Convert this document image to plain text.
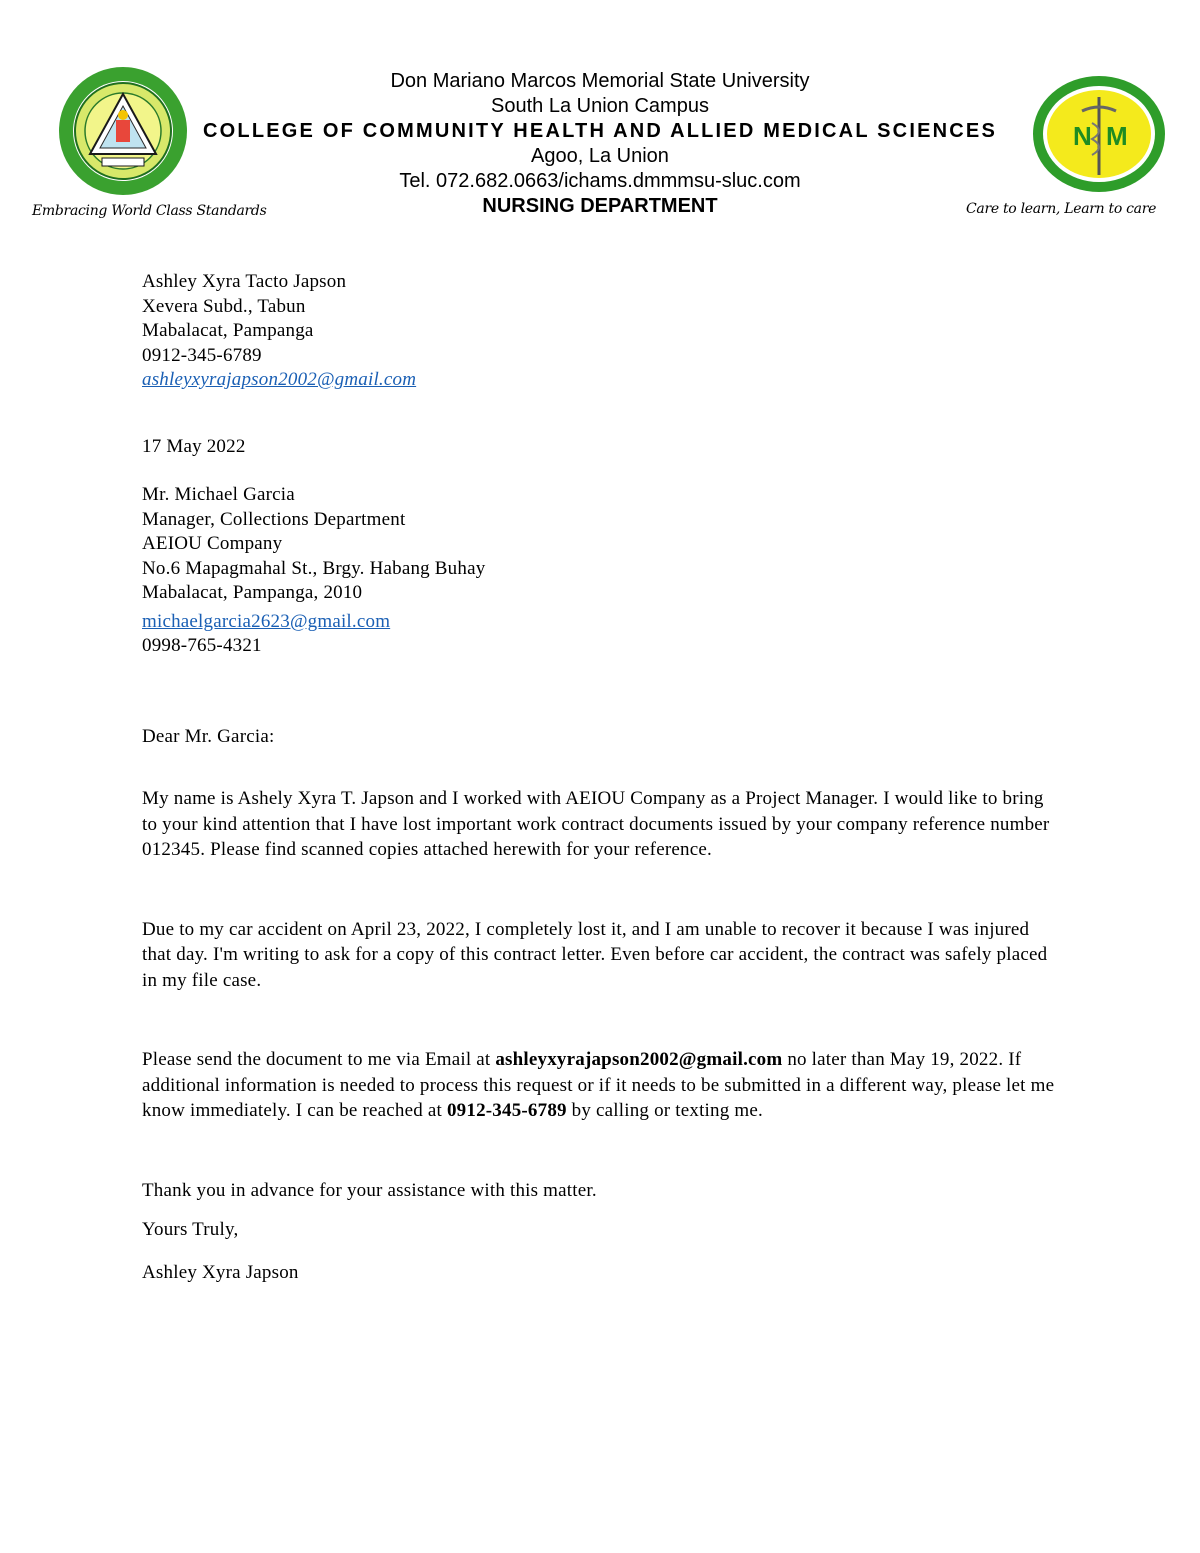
N M
Don Mariano Marcos Memorial State University
South La Union Campus
COLLEGE OF COMMUNITY HEALTH AND ALLIED MEDICAL SCIENCES
Agoo, La Union
Tel. 072.682.0663/ichams.dmmmsu-sluc.com
NURSING DEPARTMENT
Embracing World Class Standards	Care to learn, Learn to care
Ashley Xyra Tacto Japson
Xevera Subd., Tabun
Mabalacat, Pampanga
0912-345-6789
ashleyxyrajapson2002@gmail.com
17 May 2022
Mr. Michael Garcia
Manager, Collections Department
AEIOU Company
No.6 Mapagmahal St., Brgy. Habang Buhay
Mabalacat, Pampanga, 2010
michaelgarcia2623@gmail.com
0998-765-4321
Dear Mr. Garcia:

My name is Ashely Xyra T. Japson and I worked with AEIOU Company as a Project Manager. I would like to bring to your kind attention that I have lost important work contract documents issued by your company reference number 012345. Please find scanned copies attached herewith for your reference.

Due to my car accident on April 23, 2022, I completely lost it, and I am unable to recover it because I was injured that day. I'm writing to ask for a copy of this contract letter. Even before car accident, the contract was safely placed in my file case.

Please send the document to me via Email at ashleyxyrajapson2002@gmail.com no later than May 19, 2022. If additional information is needed to process this request or if it needs to be submitted in a different way, please let me know immediately. I can be reached at 0912-345-6789 by calling or texting me.

Thank you in advance for your assistance with this matter.

Yours Truly,

Ashley Xyra Japson
